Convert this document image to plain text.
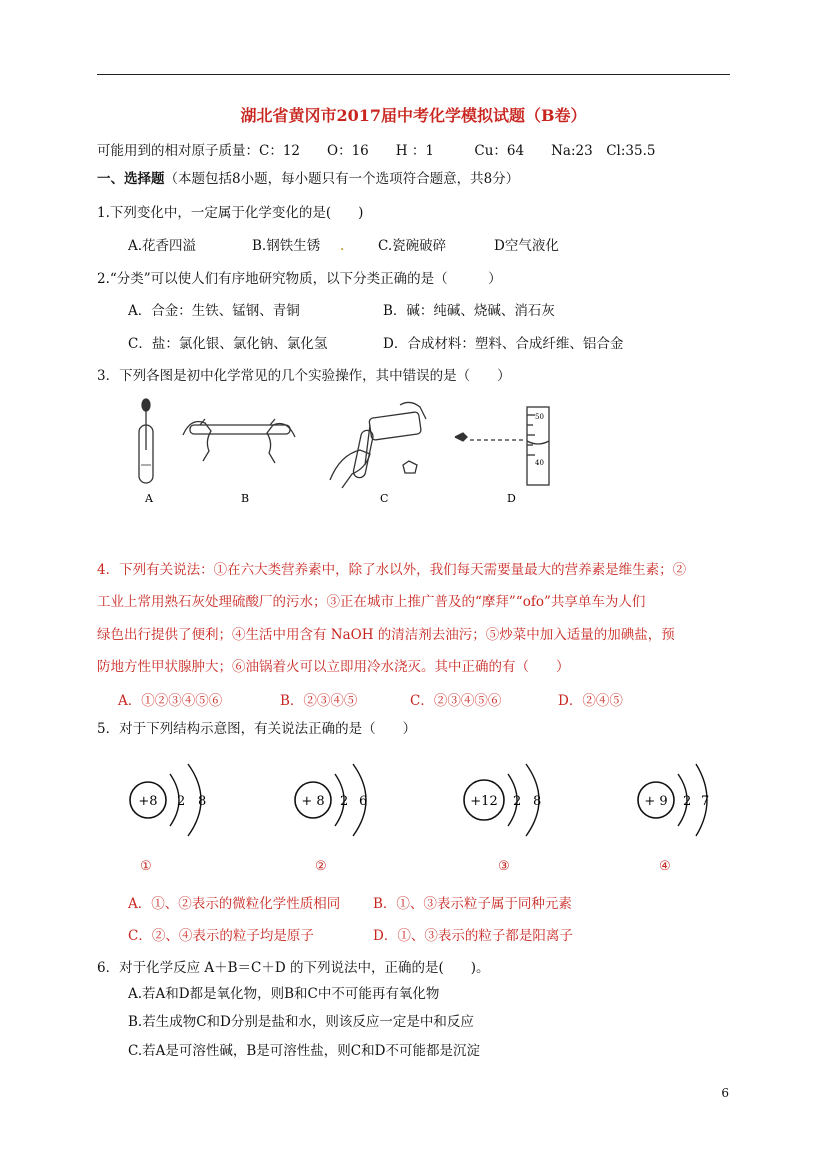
湖北省黄冈市2017届中考化学模拟试题（B卷）
可能用到的相对原子质量：C：12　　O：16　　H ：1　　　Cu：64　　Na:23　Cl:35.5
一、选择题（本题包括8小题，每小题只有一个选项符合题意，共8分）
1.下列变化中，一定属于化学变化的是(　　)
A.花香四溢	B.钢铁生锈 . C.瓷碗破碎	D空气液化
2.“分类”可以使人们有序地研究物质，以下分类正确的是（　　　）
A．合金：生铁、锰钢、青铜	B．碱：纯碱、烧碱、消石灰
C．盐：氯化银、氯化钠、氯化氢	D．合成材料：塑料、合成纤维、铝合金
3．下列各图是初中化学常见的几个实验操作，其中错误的是（　　）
A	B	C
50
40
D
4．下列有关说法：①在六大类营养素中，除了水以外，我们每天需要量最大的营养素是维生素；②
工业上常用熟石灰处理硫酸厂的污水；③正在城市上推广普及的“摩拜”“ofo”共享单车为人们
绿色出行提供了便利；④生活中用含有 NaOH 的清洁剂去油污；⑤炒菜中加入适量的加碘盐，预
防地方性甲状腺肿大；⑥油锅着火可以立即用冷水浇灭。其中正确的有（　　）
A．①②③④⑤⑥	B．②③④⑤	C．②③④⑤⑥	D．②④⑤
5．对于下列结构示意图，有关说法正确的是（　　）
+8 2 8
①
+ 8 2 6
②
+12 2 8
③
+ 9 2 7
④
A．①、②表示的微粒化学性质相同 B．①、③表示粒子属于同种元素
C．②、④表示的粒子均是原子	D．①、③表示的粒子都是阳离子
6．对于化学反应 A＋B＝C＋D 的下列说法中，正确的是(　　)。
A.若A和D都是氧化物，则B和C中不可能再有氧化物
B.若生成物C和D分别是盐和水，则该反应一定是中和反应
C.若A是可溶性碱，B是可溶性盐，则C和D不可能都是沉淀
6
